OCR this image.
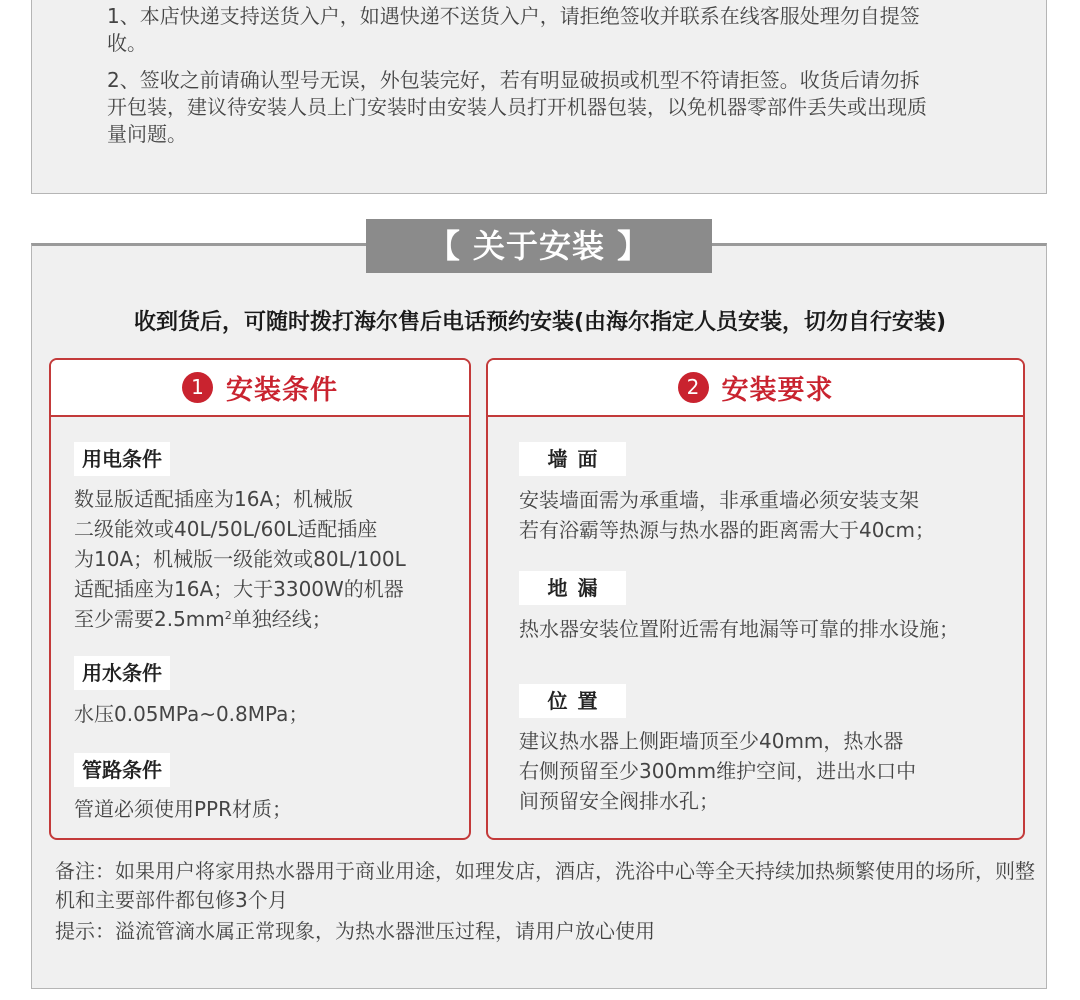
1、本店快递支持送货入户，如遇快递不送货入户，请拒绝签收并联系在线客服处理勿自提签收。

2、签收之前请确认型号无误，外包装完好，若有明显破损或机型不符请拒签。收货后请勿拆开包装，建议待安装人员上门安装时由安装人员打开机器包装，以免机器零部件丢失或出现质量问题。

【 关于安装 】
收到货后，可随时拨打海尔售后电话预约安装(由海尔指定人员安装，切勿自行安装)
1 安装条件
用电条件
数显版适配插座为16A；机械版
二级能效或40L/50L/60L适配插座
为10A；机械版一级能效或80L/100L
适配插座为16A；大于3300W的机器
至少需要$2.5mm^2$单独经线；
用水条件
水压0.05MPa~0.8MPa；
管路条件
管道必须使用PPR材质；
2 安装要求
墙面
安装墙面需为承重墙，非承重墙必须安装支架
若有浴霸等热源与热水器的距离需大于40cm；
地漏
热水器安装位置附近需有地漏等可靠的排水设施；
位置
建议热水器上侧距墙顶至少40mm，热水器
右侧预留至少300mm维护空间，进出水口中
间预留安全阀排水孔；
备注：如果用户将家用热水器用于商业用途，如理发店，酒店，洗浴中心等全天持续加热频繁使用的场所，则整机和主要部件都包修3个月
提示：溢流管滴水属正常现象，为热水器泄压过程，请用户放心使用
